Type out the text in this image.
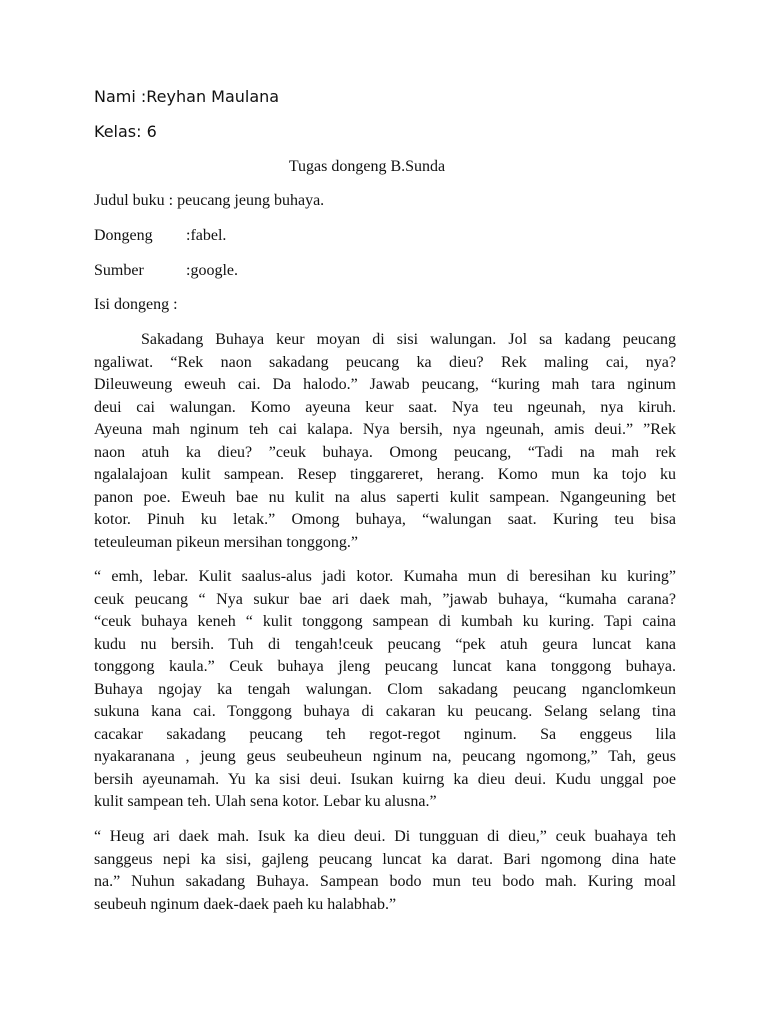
Nami :Reyhan Maulana
Kelas: 6
Tugas dongeng B.Sunda
Judul buku : peucang jeung buhaya.
Dongeng :fabel.
Sumber	:google.
Isi dongeng :
Sakadang Buhaya keur moyan di sisi walungan. Jol sa kadang peucang
ngaliwat. “Rek naon sakadang peucang ka dieu? Rek maling cai, nya?
Dileuweung eweuh cai. Da halodo.” Jawab peucang, “kuring mah tara nginum
deui cai walungan. Komo ayeuna keur saat. Nya teu ngeunah, nya kiruh.
Ayeuna mah nginum teh cai kalapa. Nya bersih, nya ngeunah, amis deui.” ”Rek
naon atuh ka dieu? ”ceuk buhaya. Omong peucang, “Tadi na mah rek
ngalalajoan kulit sampean. Resep tinggareret, herang. Komo mun ka tojo ku
panon poe. Eweuh bae nu kulit na alus saperti kulit sampean. Ngangeuning bet
kotor. Pinuh ku letak.” Omong buhaya, “walungan saat. Kuring teu bisa
teteuleuman pikeun mersihan tonggong.”
“ emh, lebar. Kulit saalus-alus jadi kotor. Kumaha mun di beresihan ku kuring”
ceuk peucang “ Nya sukur bae ari daek mah, ”jawab buhaya, “kumaha carana?
“ceuk buhaya keneh “ kulit tonggong sampean di kumbah ku kuring. Tapi caina
kudu nu bersih. Tuh di tengah!ceuk peucang “pek atuh geura luncat kana
tonggong kaula.” Ceuk buhaya jleng peucang luncat kana tonggong buhaya.
Buhaya ngojay ka tengah walungan. Clom sakadang peucang nganclomkeun
sukuna kana cai. Tonggong buhaya di cakaran ku peucang. Selang selang tina
cacakar sakadang peucang teh regot-regot nginum. Sa enggeus lila
nyakaranana , jeung geus seubeuheun nginum na, peucang ngomong,” Tah, geus
bersih ayeunamah. Yu ka sisi deui. Isukan kuirng ka dieu deui. Kudu unggal poe
kulit sampean teh. Ulah sena kotor. Lebar ku alusna.”
“ Heug ari daek mah. Isuk ka dieu deui. Di tungguan di dieu,” ceuk buahaya teh
sanggeus nepi ka sisi, gajleng peucang luncat ka darat. Bari ngomong dina hate
na.” Nuhun sakadang Buhaya. Sampean bodo mun teu bodo mah. Kuring moal
seubeuh nginum daek-daek paeh ku halabhab.”
